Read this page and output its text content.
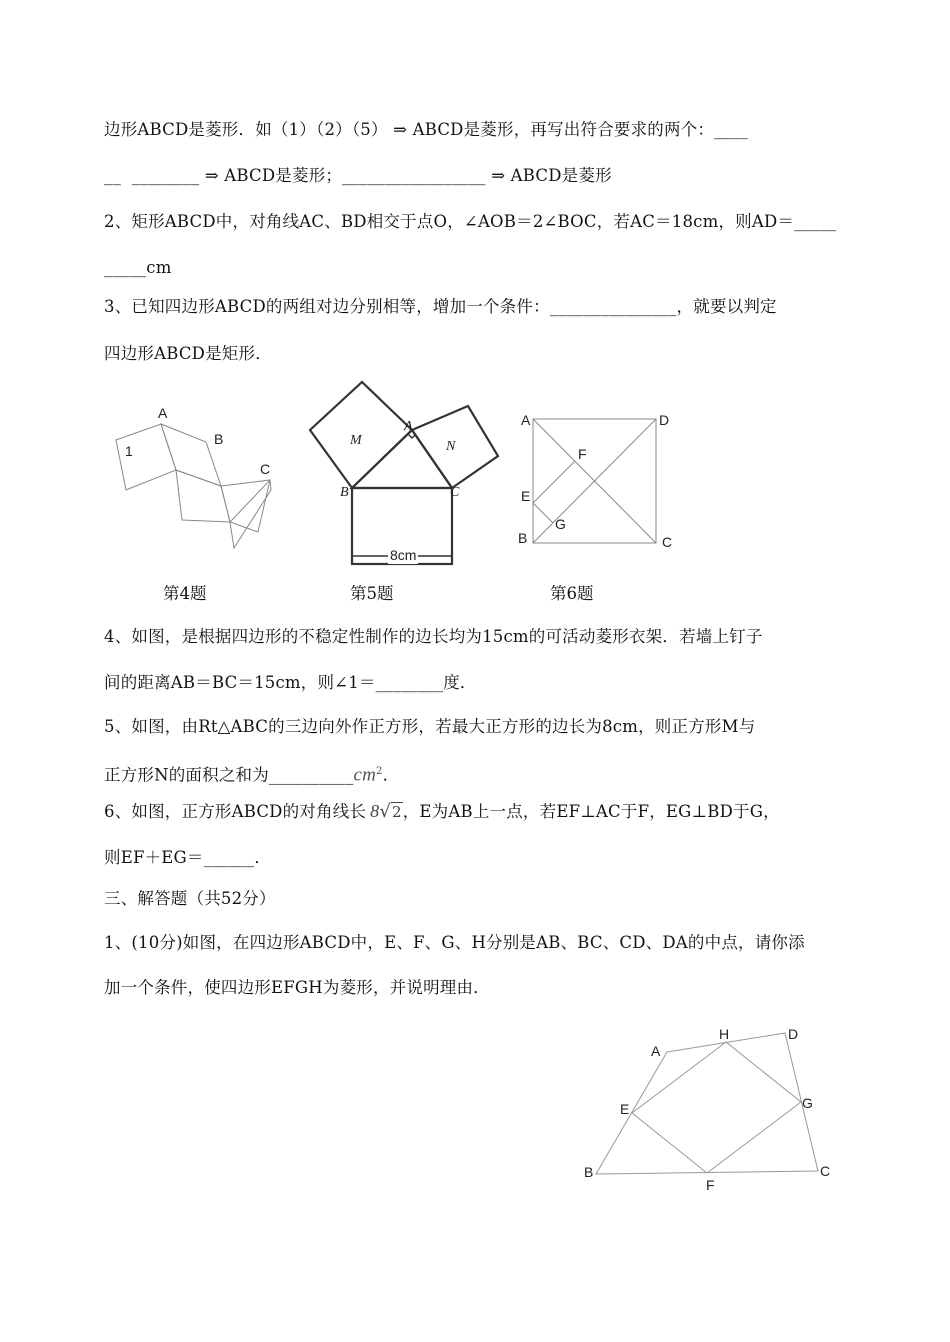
边形ABCD是菱形．如（1）（2）（5） ⇒ ABCD是菱形，再写出符合要求的两个：____
__  ________ ⇒ ABCD是菱形；_________________ ⇒ ABCD是菱形
2、矩形ABCD中，对角线AC、BD相交于点O，∠AOB＝2∠BOC，若AC＝18cm，则AD＝_____
_____cm
3、已知四边形ABCD的两组对边分别相等，增加一个条件：_______________，就要以判定
四边形ABCD是矩形．
A
B
C
1
M	N
A
B	C
8cm
A	D
F
E
G
B	C
第4题	第5题	第6题
4、如图，是根据四边形的不稳定性制作的边长均为15cm的可活动菱形衣架．若墙上钉子
间的距离AB＝BC＝15cm，则∠1＝________度．
5、如图，由Rt△ABC的三边向外作正方形，若最大正方形的边长为8cm，则正方形M与
正方形N的面积之和为$\_\_\_\_\_\_\_\_\_\_cm^2$．
6、如图，正方形ABCD的对角线长 8√2，E为AB上一点，若EF⊥AC于F，EG⊥BD于G，
则EF＋EG＝______．
三、解答题（共52分）
1、(10分)如图，在四边形ABCD中，E、F、G、H分别是AB、BC、CD、DA的中点，请你添
加一个条件，使四边形EFGH为菱形，并说明理由．
A
H	D
E	G
B
F
C
